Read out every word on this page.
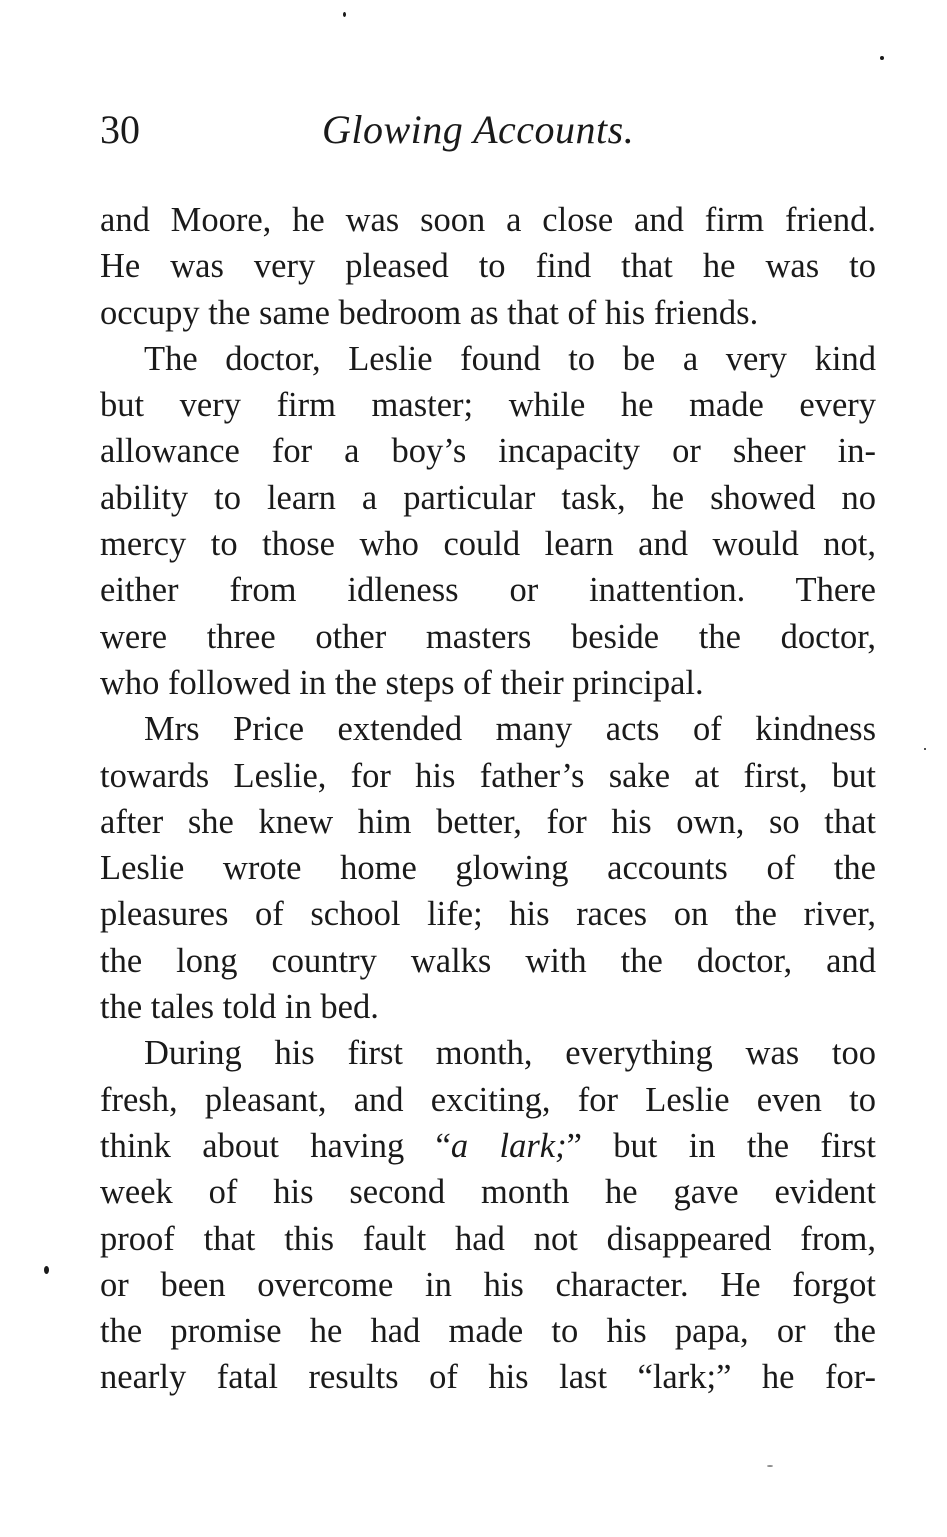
30	Glowing Accounts.
and Moore, he was soon a close and firm friend.
He was very pleased to find that he was to
occupy the same bedroom as that of his friends.
The doctor, Leslie found to be a very kind
but very firm master; while he made every
allowance for a boy’s incapacity or sheer in-
ability to learn a particular task, he showed no
mercy to those who could learn and would not,
either from idleness or inattention. There
were three other masters beside the doctor,
who followed in the steps of their principal.
Mrs Price extended many acts of kindness
towards Leslie, for his father’s sake at first, but
after she knew him better, for his own, so that
Leslie wrote home glowing accounts of the
pleasures of school life; his races on the river,
the long country walks with the doctor, and
the tales told in bed.
During his first month, everything was too
fresh, pleasant, and exciting, for Leslie even to
think about having “a lark;” but in the first
week of his second month he gave evident
proof that this fault had not disappeared from,
or been overcome in his character. He forgot
the promise he had made to his papa, or the
nearly fatal results of his last “lark;” he for-
